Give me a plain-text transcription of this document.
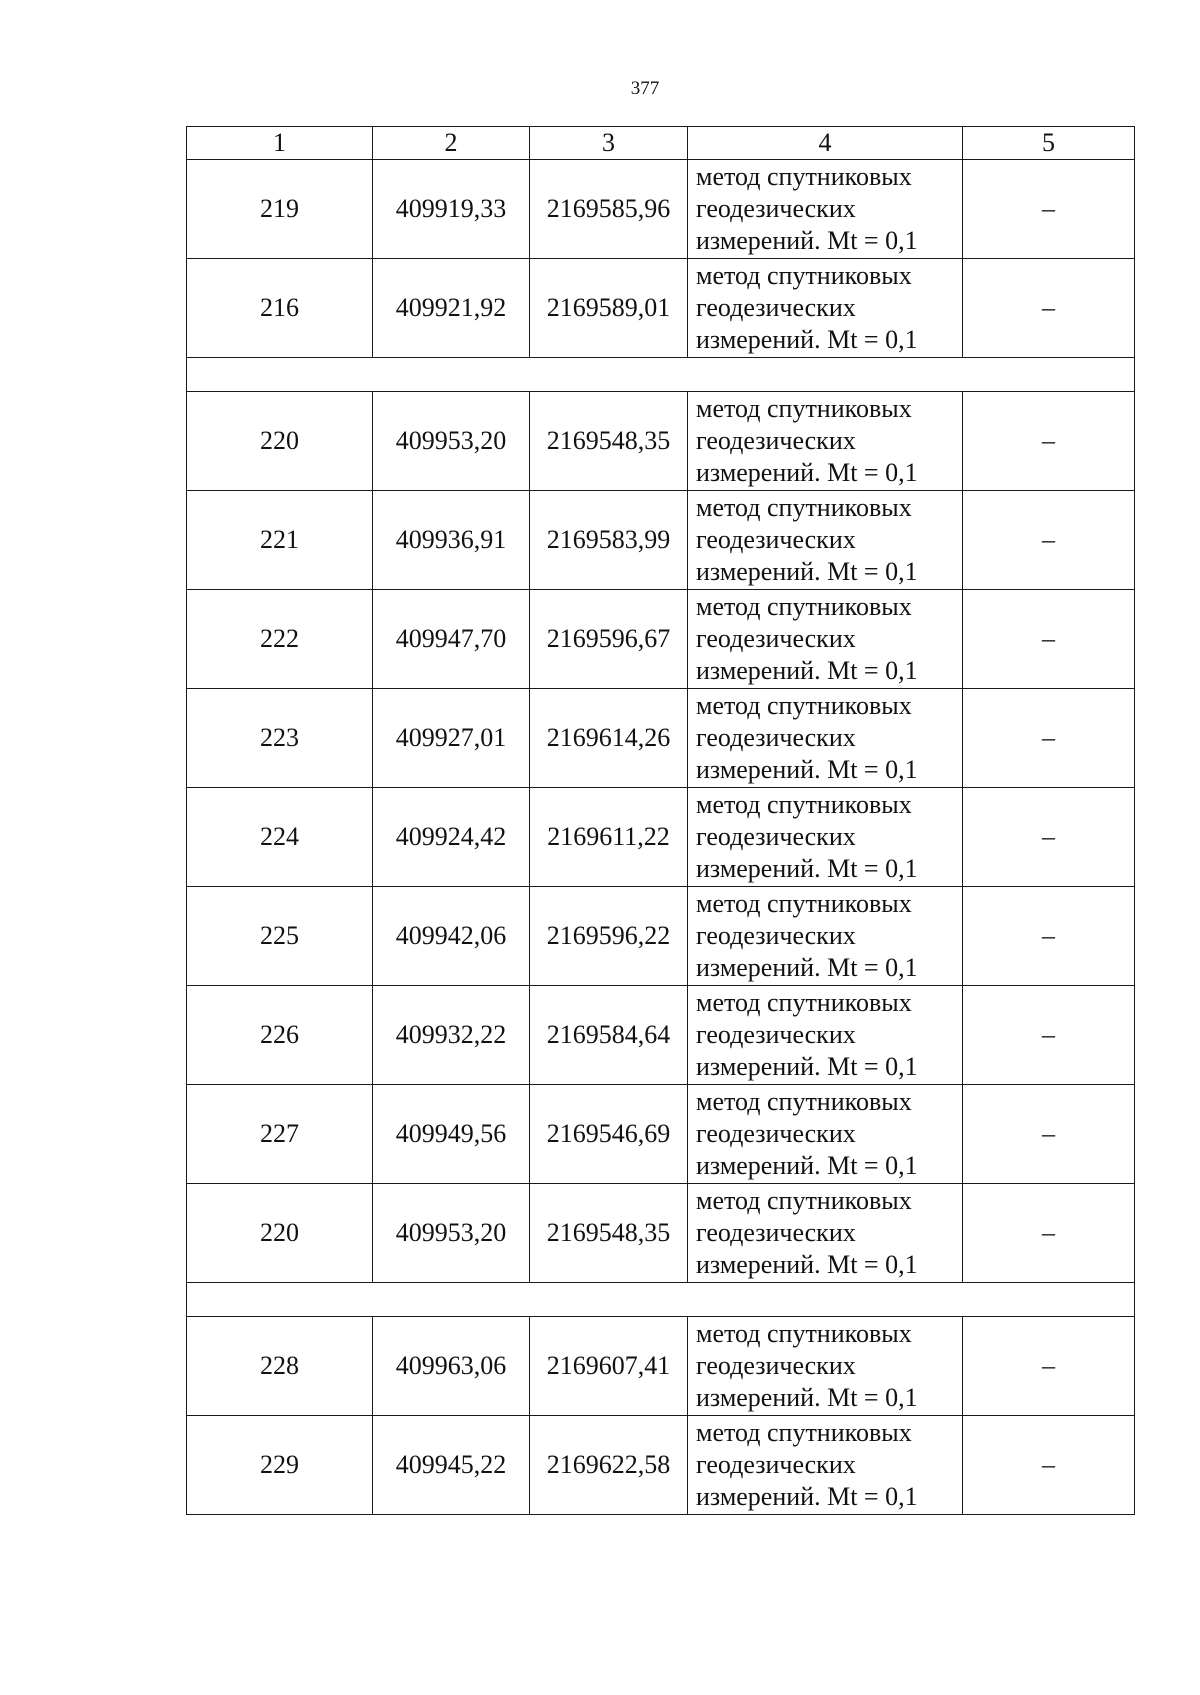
377
1	2	3	4	5
219	409919,33	2169585,96	метод спутниковых
геодезических
измерений. Mt = 0,1	–
216	409921,92	2169589,01	метод спутниковых
геодезических
измерений. Mt = 0,1	–

220	409953,20	2169548,35	метод спутниковых
геодезических
измерений. Mt = 0,1	–
221	409936,91	2169583,99	метод спутниковых
геодезических
измерений. Mt = 0,1	–
222	409947,70	2169596,67	метод спутниковых
геодезических
измерений. Mt = 0,1	–
223	409927,01	2169614,26	метод спутниковых
геодезических
измерений. Mt = 0,1	–
224	409924,42	2169611,22	метод спутниковых
геодезических
измерений. Mt = 0,1	–
225	409942,06	2169596,22	метод спутниковых
геодезических
измерений. Mt = 0,1	–
226	409932,22	2169584,64	метод спутниковых
геодезических
измерений. Mt = 0,1	–
227	409949,56	2169546,69	метод спутниковых
геодезических
измерений. Mt = 0,1	–
220	409953,20	2169548,35	метод спутниковых
геодезических
измерений. Mt = 0,1	–

228	409963,06	2169607,41	метод спутниковых
геодезических
измерений. Mt = 0,1	–
229	409945,22	2169622,58	метод спутниковых
геодезических
измерений. Mt = 0,1	–
